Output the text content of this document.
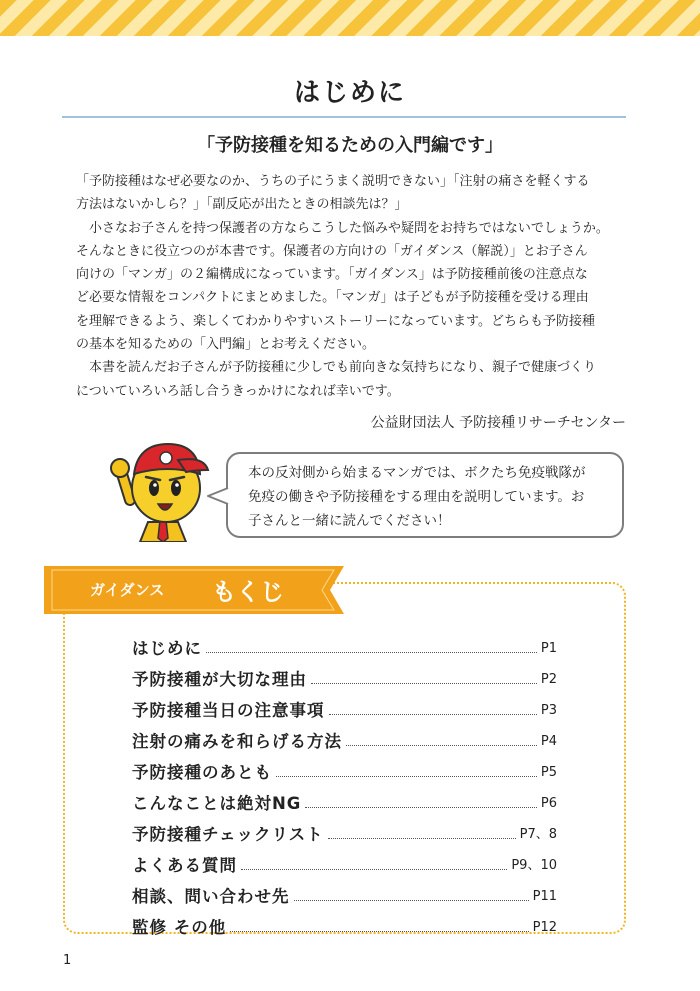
はじめに
「予防接種を知るための入門編です」
「予防接種はなぜ必要なのか、うちの子にうまく説明できない」「注射の痛さを軽くする
方法はないかしら？」「副反応が出たときの相談先は？」
　小さなお子さんを持つ保護者の方ならこうした悩みや疑問をお持ちではないでしょうか。
そんなときに役立つのが本書です。保護者の方向けの「ガイダンス（解説）」とお子さん
向けの「マンガ」の２編構成になっています。「ガイダンス」は予防接種前後の注意点な
ど必要な情報をコンパクトにまとめました。「マンガ」は子どもが予防接種を受ける理由
を理解できるよう、楽しくてわかりやすいストーリーになっています。どちらも予防接種
の基本を知るための「入門編」とお考えください。
　本書を読んだお子さんが予防接種に少しでも前向きな気持ちになり、親子で健康づくり
についていろいろ話し合うきっかけになれば幸いです。
公益財団法人 予防接種リサーチセンター
本の反対側から始まるマンガでは、ボクたち免疫戦隊が
免疫の働きや予防接種をする理由を説明しています。お
子さんと一緒に読んでください！
ガイダンス もくじ
はじめに	P1
予防接種が大切な理由	P2
予防接種当日の注意事項	P3
注射の痛みを和らげる方法	P4
予防接種のあとも	P5
こんなことは絶対NG	P6
予防接種チェックリスト	P7、8
よくある質問	P9、10
相談、問い合わせ先	P11
監修 その他	P12
1
